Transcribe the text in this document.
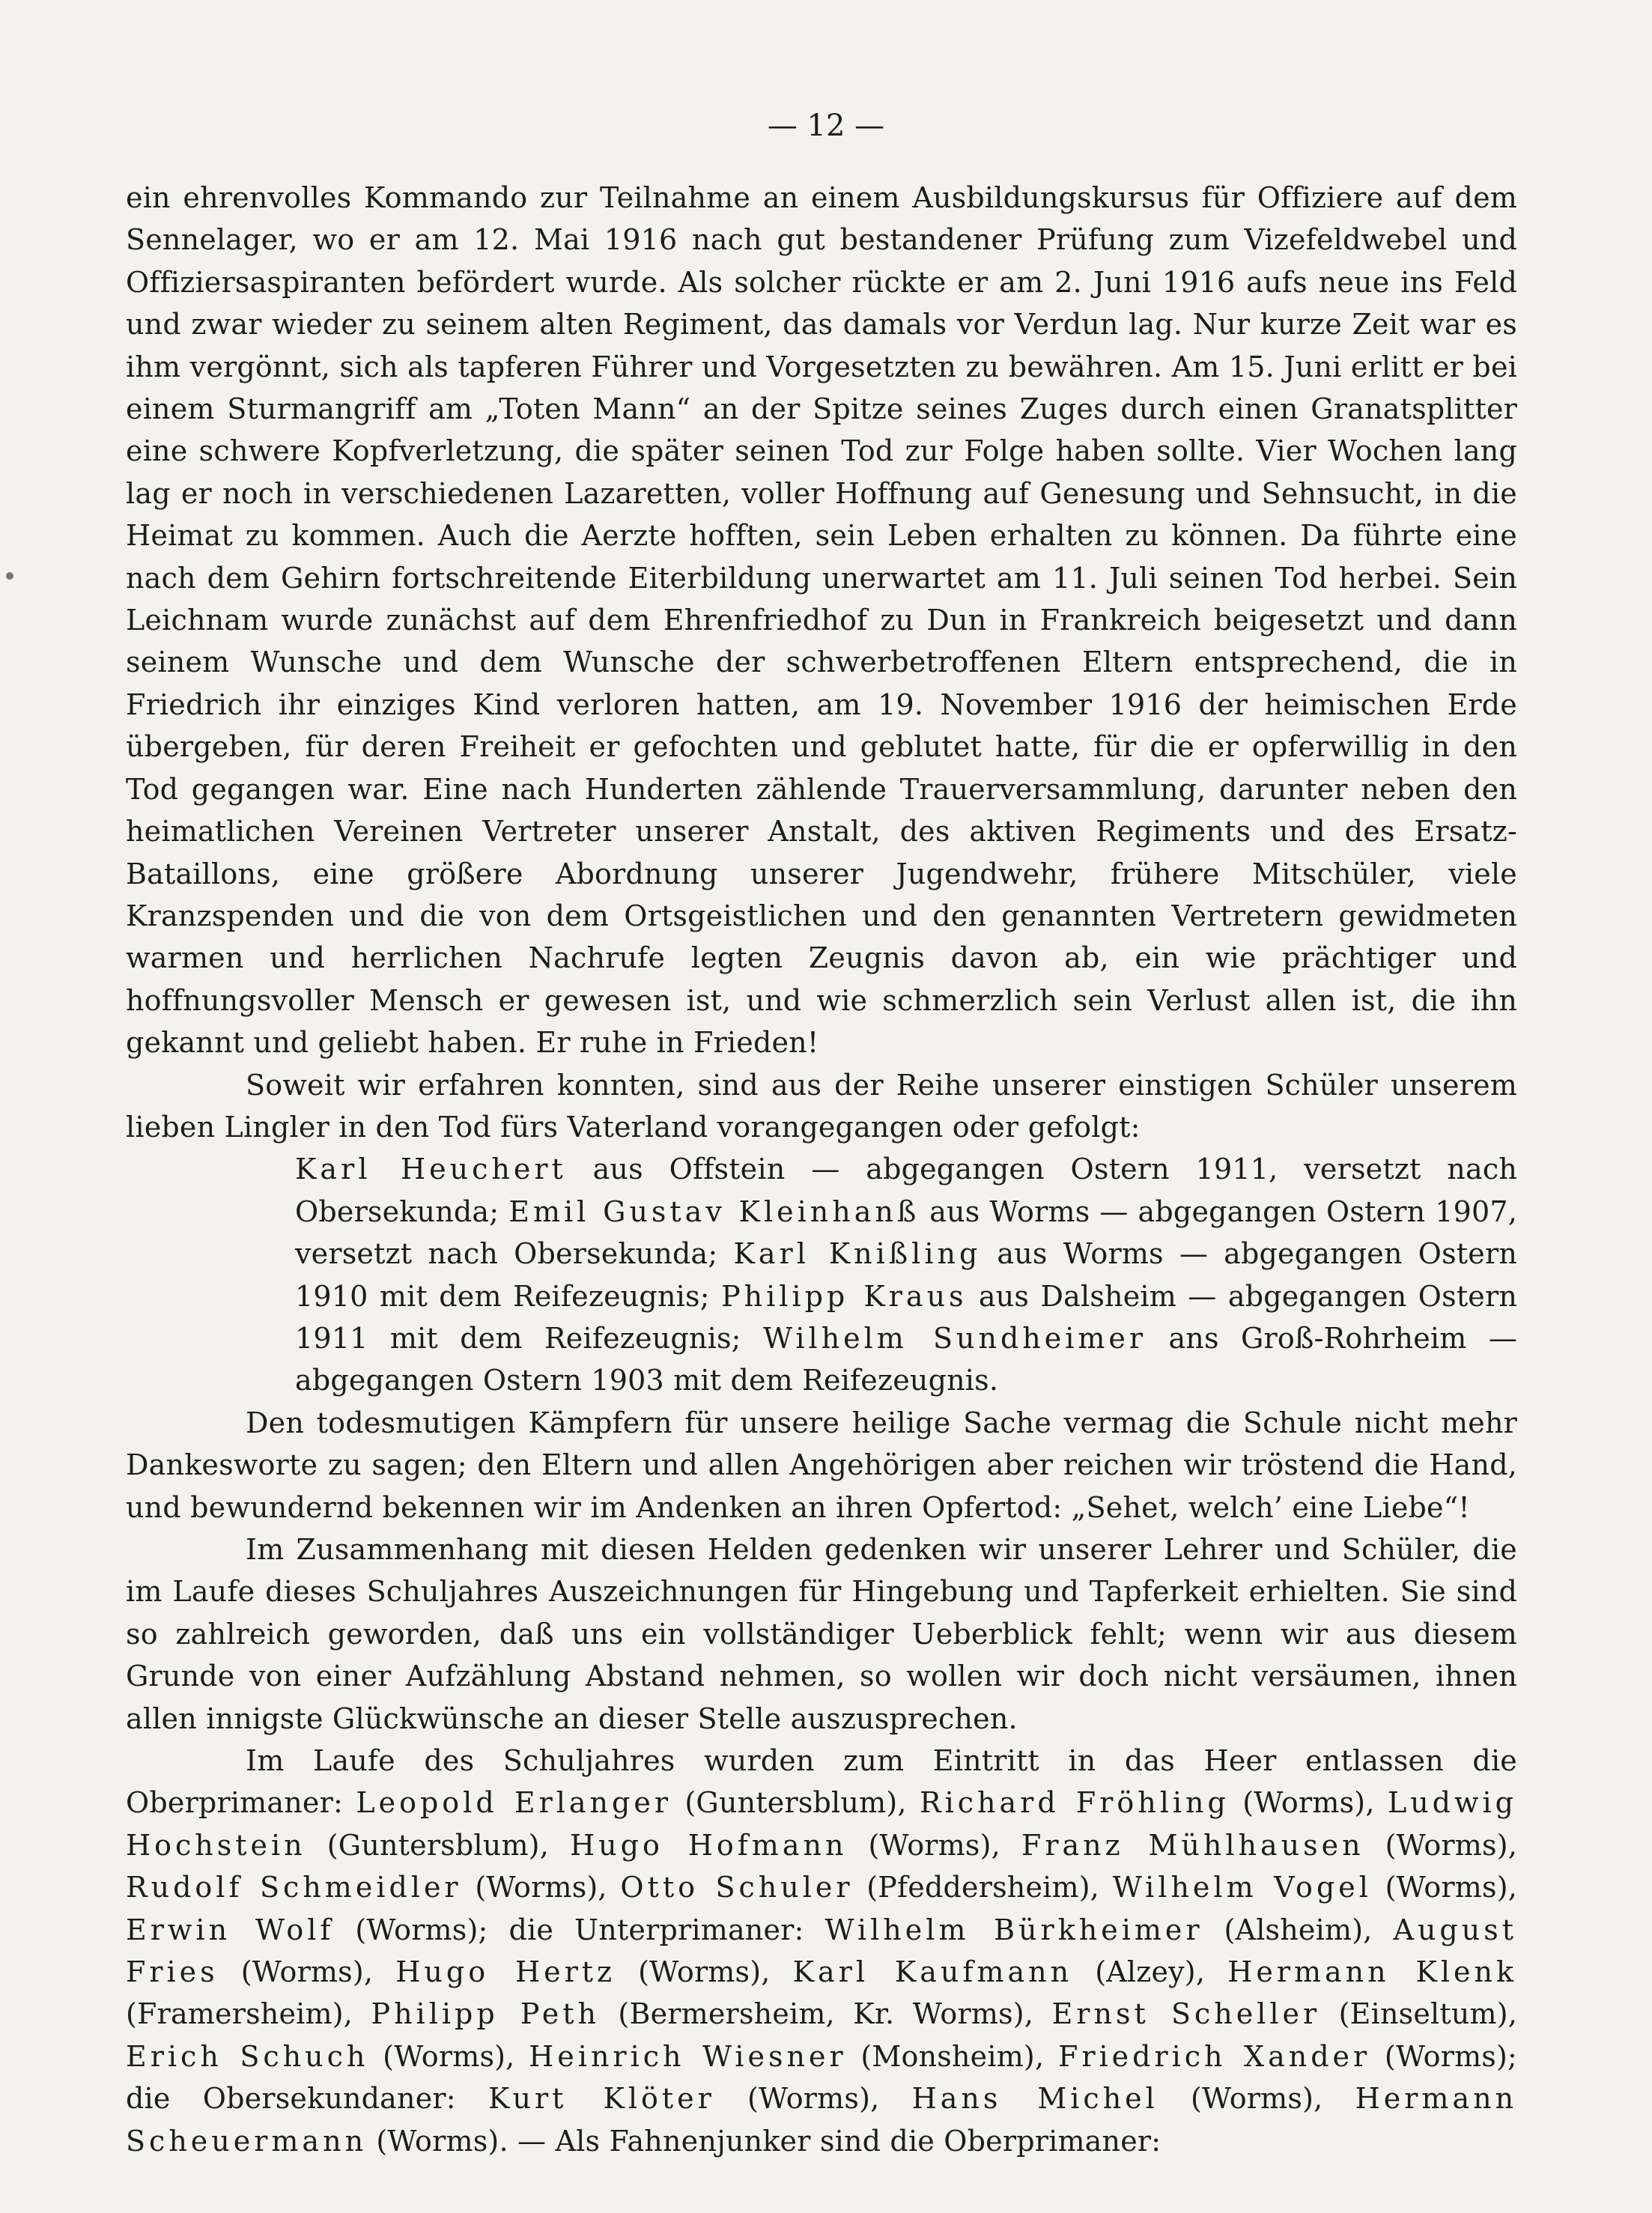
— 12 —

ein ehrenvolles Kommando zur Teilnahme an einem Ausbildungskursus für Offiziere auf dem Sennelager, wo er am 12. Mai 1916 nach gut bestandener Prüfung zum Vizefeldwebel und Offiziersaspiranten befördert wurde. Als solcher rückte er am 2. Juni 1916 aufs neue ins Feld und zwar wieder zu seinem alten Regiment, das damals vor Verdun lag. Nur kurze Zeit war es ihm vergönnt, sich als tapferen Führer und Vorgesetzten zu bewähren. Am 15. Juni erlitt er bei einem Sturmangriff am „Toten Mann“ an der Spitze seines Zuges durch einen Granatsplitter eine schwere Kopfverletzung, die später seinen Tod zur Folge haben sollte. Vier Wochen lang lag er noch in verschiedenen Lazaretten, voller Hoffnung auf Genesung und Sehnsucht, in die Heimat zu kommen. Auch die Aerzte hofften, sein Leben erhalten zu können. Da führte eine nach dem Gehirn fortschreitende Eiterbildung unerwartet am 11. Juli seinen Tod herbei. Sein Leichnam wurde zunächst auf dem Ehrenfriedhof zu Dun in Frankreich beigesetzt und dann seinem Wunsche und dem Wunsche der schwerbetroffenen Eltern entsprechend, die in Friedrich ihr einziges Kind verloren hatten, am 19. November 1916 der heimischen Erde übergeben, für deren Freiheit er gefochten und geblutet hatte, für die er opferwillig in den Tod gegangen war. Eine nach Hunderten zählende Trauerversammlung, darunter neben den heimatlichen Vereinen Vertreter unserer Anstalt, des aktiven Regiments und des Ersatz-Bataillons, eine größere Abordnung unserer Jugendwehr, frühere Mitschüler, viele Kranzspenden und die von dem Ortsgeistlichen und den genannten Vertretern gewidmeten warmen und herrlichen Nachrufe legten Zeugnis davon ab, ein wie prächtiger und hoffnungsvoller Mensch er gewesen ist, und wie schmerzlich sein Verlust allen ist, die ihn gekannt und geliebt haben. Er ruhe in Frieden!

Soweit wir erfahren konnten, sind aus der Reihe unserer einstigen Schüler unserem lieben Lingler in den Tod fürs Vaterland vorangegangen oder gefolgt:

Karl Heuchert aus Offstein — abgegangen Ostern 1911, versetzt nach Obersekunda; Emil Gustav Kleinhanß aus Worms — abgegangen Ostern 1907, versetzt nach Obersekunda; Karl Knißling aus Worms — abgegangen Ostern 1910 mit dem Reifezeugnis; Philipp Kraus aus Dalsheim — abgegangen Ostern 1911 mit dem Reifezeugnis; Wilhelm Sundheimer ans Groß-Rohrheim — abgegangen Ostern 1903 mit dem Reifezeugnis.

Den todesmutigen Kämpfern für unsere heilige Sache vermag die Schule nicht mehr Dankesworte zu sagen; den Eltern und allen Angehörigen aber reichen wir tröstend die Hand, und bewundernd bekennen wir im Andenken an ihren Opfertod: „Sehet, welch’ eine Liebe“!

Im Zusammenhang mit diesen Helden gedenken wir unserer Lehrer und Schüler, die im Laufe dieses Schuljahres Auszeichnungen für Hingebung und Tapferkeit erhielten. Sie sind so zahlreich geworden, daß uns ein vollständiger Ueberblick fehlt; wenn wir aus diesem Grunde von einer Aufzählung Abstand nehmen, so wollen wir doch nicht versäumen, ihnen allen innigste Glückwünsche an dieser Stelle auszusprechen.

Im Laufe des Schuljahres wurden zum Eintritt in das Heer entlassen die Oberprimaner: Leopold Erlanger (Guntersblum), Richard Fröhling (Worms), Ludwig Hochstein (Guntersblum), Hugo Hofmann (Worms), Franz Mühlhausen (Worms), Rudolf Schmeidler (Worms), Otto Schuler (Pfeddersheim), Wilhelm Vogel (Worms), Erwin Wolf (Worms); die Unterprimaner: Wilhelm Bürkheimer (Alsheim), August Fries (Worms), Hugo Hertz (Worms), Karl Kaufmann (Alzey), Hermann Klenk (Framersheim), Philipp Peth (Bermersheim, Kr. Worms), Ernst Scheller (Einseltum), Erich Schuch (Worms), Heinrich Wiesner (Monsheim), Friedrich Xander (Worms); die Obersekundaner: Kurt Klöter (Worms), Hans Michel (Worms), Hermann Scheuermann (Worms). — Als Fahnenjunker sind die Oberprimaner:
